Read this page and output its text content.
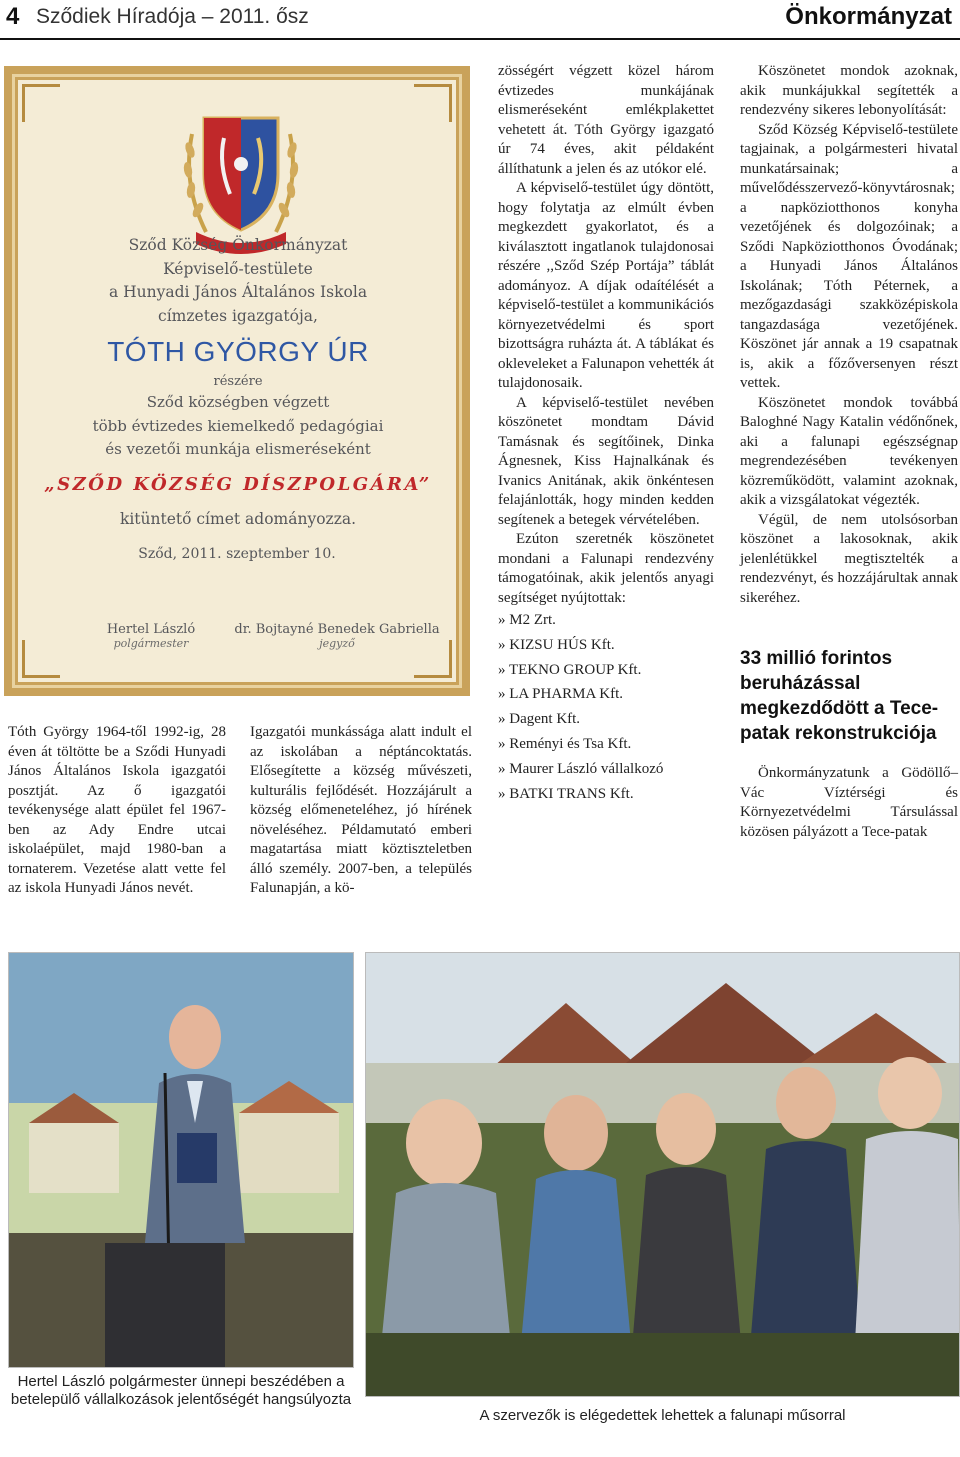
4 Sződiek Híradója – 2011. ősz	Önkormányzat
Sződ Község Önkormányzat
Képviselő-testülete
a Hunyadi János Általános Iskola
címzetes igazgatója,
TÓTH GYÖRGY ÚR
részére
Sződ községben végzett
több évtizedes kiemelkedő pedagógiai
és vezetői munkája elismeréseként
„SZŐD KÖZSÉG DÍSZPOLGÁRA”
kitüntető címet adományozza.
Sződ, 2011. szeptember 10.
Hertel László
polgármester
dr. Bojtayné Benedek Gabriella
jegyző

Tóth György 1964-től 1992-ig, 28 éven át töltötte be a Sződi Hunyadi János Általános Iskola igazgatói posztját. Az ő igazgatói tevékenysége alatt épület fel 1967-ben az Ady Endre utcai iskolaépület, majd 1980-ban a tornaterem. Vezetése alatt vette fel az iskola Hunyadi János nevét.

Igazgatói munkássága alatt indult el az iskolában a néptáncoktatás. Elősegítette a község művészeti, kulturális fejlődését. Hozzájárult a község előmeneteléhez, jó hírének növeléséhez. Példamutató emberi magatartása miatt köztiszteletben álló személy. 2007-ben, a település Falunapján, a kö-

zösségért végzett közel három évtizedes munkájának elismeréseként emlékplakettet vehetett át. Tóth György igazgató úr 74 éves, akit példaként állíthatunk a jelen és az utókor elé.

A képviselő-testület úgy döntött, hogy folytatja az elmúlt évben megkezdett gyakorlatot, és a kiválasztott ingatlanok tulajdonosai részére ,,Sződ Szép Portája” táblát adományoz. A díjak odaítélését a képviselő-testület a kommunikációs környezetvédelmi és sport bizottságra ruházta át. A táblákat és okleveleket a Falunapon vehették át tulajdonosaik.

A képviselő-testület nevében köszönetet mondtam Dávid Tamásnak és segítőinek, Dinka Ágnesnek, Kiss Hajnalkának és Ivanics Anitának, akik önkéntesen felajánlották, hogy minden kedden segítenek a betegek vérvételében.

Ezúton szeretnék köszönetet mondani a Falunapi rendezvény támogatóinak, akik jelentős anyagi segítséget nyújtottak:

» M2 Zrt.
» KIZSU HÚS Kft.
» TEKNO GROUP Kft.
» LA PHARMA Kft.
» Dagent Kft.
» Reményi és Tsa Kft.
» Maurer László vállalkozó
» BATKI TRANS Kft.

Köszönetet mondok azoknak, akik munkájukkal segítették a rendezvény sikeres lebonyolítását:

Sződ Község Képviselő-testülete tagjainak, a polgármesteri hivatal munkatársainak; a művelődésszervező-könyvtárosnak; a napköziotthonos konyha vezetőjének és dolgozóinak; a Sződi Napköziotthonos Óvodának; a Hunyadi János Általános Iskolának; Tóth Péternek, a mezőgazdasági szakközépiskola tangazdasága vezetőjének. Köszönet jár annak a 19 csapatnak is, akik a főzőversenyen részt vettek.

Köszönetet mondok továbbá Baloghné Nagy Katalin védőnőnek, aki a falunapi egészségnap megrendezésében tevékenyen közreműködött, valamint azoknak, akik a vizsgálatokat végezték.

Végül, de nem utolsósorban köszönet a lakosoknak, akik jelenlétükkel megtisztelték a rendezvényt, és hozzájárultak annak sikeréhez.

33 millió forintos beruházással megkezdődött a Tece-patak rekonstrukciója

Önkormányzatunk a Gödöllő–Vác Víztérségi és Környezetvédelmi Társulással közösen pályázott a Tece-patak

Hertel László polgármester ünnepi beszédében a betelepülő vállalkozások jelentőségét hangsúlyozta
A szervezők is elégedettek lehettek a falunapi műsorral
